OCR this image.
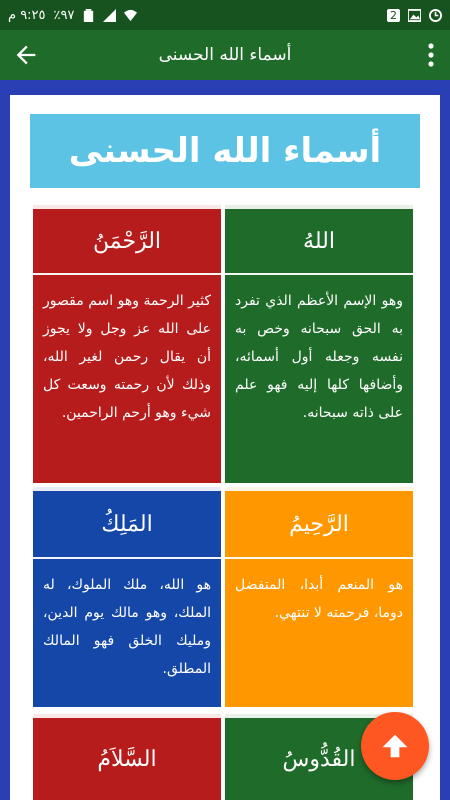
٩:٢٥ م ٪٩٧	2
أسماء الله الحسنى
أسماء الله الحسنى
اللهُ
وهو الإسم الأعظم الذي تفرد به الحق سبحانه وخص به نفسه وجعله أول أسمائه، وأضافها كلها إليه فهو علم على ذاته سبحانه.
الرَّحْمَنُ
كثير الرحمة وهو اسم مقصور على الله عز وجل ولا يجوز أن يقال رحمن لغير الله، وذلك لأن رحمته وسعت كل شيء وهو أرحم الراحمين.
الرَّحِيمُ
هو المنعم أبدا، المتفضل دوما، فرحمته لا تنتهي.
المَلِكُ
هو الله، ملك الملوك، له الملك، وهو مالك يوم الدين، ومليك الخلق فهو المالك المطلق.
القُدُّوسُ
السَّلاَمُ
